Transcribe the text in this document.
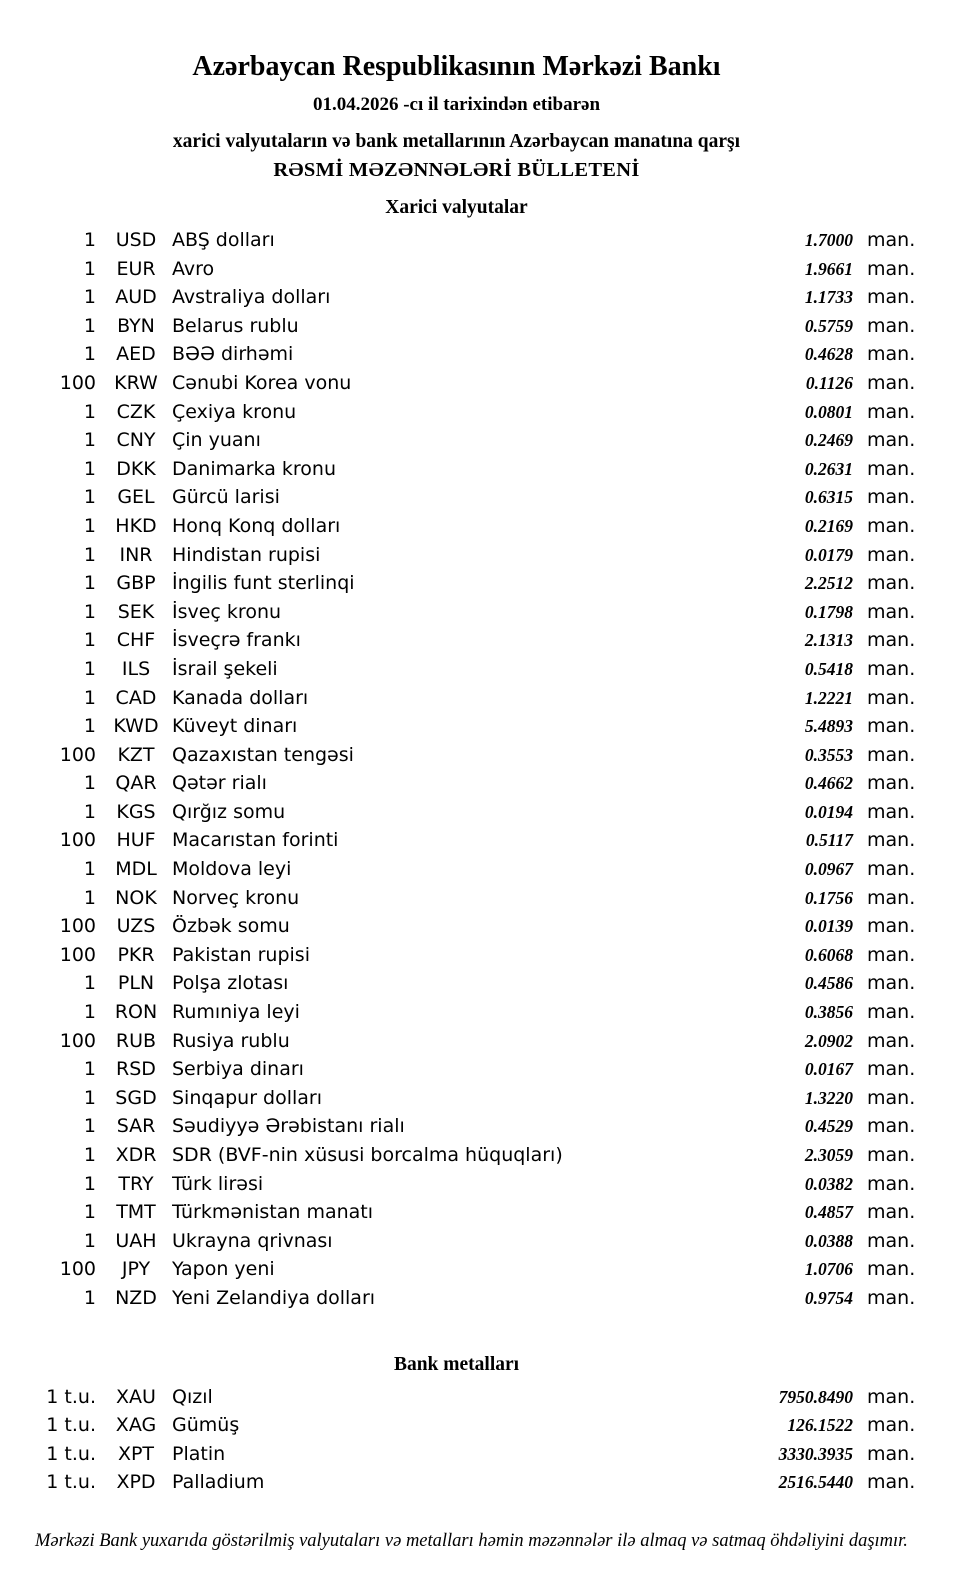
Azərbaycan Respublikasının Mərkəzi Bankı
01.04.2026 -cı il tarixindən etibarən
xarici valyutaların və bank metallarının Azərbaycan manatına qarşı
RƏSMİ MƏZƏNNƏLƏRİ BÜLLETENİ
Xarici valyutalar
1	USD ABŞ dolları	1.7000 man.
1	EUR Avro	1.9661 man.
1	AUD Avstraliya dolları	1.1733 man.
1	BYN Belarus rublu	0.5759 man.
1	AED BƏƏ dirhəmi	0.4628 man.
100 KRW Cənubi Korea vonu	0.1126 man.
1	CZK Çexiya kronu	0.0801 man.
1	CNY Çin yuanı	0.2469 man.
1	DKK Danimarka kronu	0.2631 man.
1	GEL Gürcü larisi	0.6315 man.
1	HKD Honq Konq dolları	0.2169 man.
1	INR	Hindistan rupisi	0.0179 man.
1	GBP İngilis funt sterlinqi	2.2512 man.
1	SEK İsveç kronu	0.1798 man.
1	CHF İsveçrə frankı	2.1313 man.
1	ILS	İsrail şekeli	0.5418 man.
1	CAD Kanada dolları	1.2221 man.
1 KWD Küveyt dinarı	5.4893 man.
100	KZT Qazaxıstan tengəsi	0.3553 man.
1	QAR Qətər rialı	0.4662 man.
1	KGS Qırğız somu	0.0194 man.
100	HUF Macarıstan forinti	0.5117 man.
1	MDL Moldova leyi	0.0967 man.
1	NOK Norveç kronu	0.1756 man.
100	UZS Özbək somu	0.0139 man.
100	PKR Pakistan rupisi	0.6068 man.
1	PLN Polşa zlotası	0.4586 man.
1 RON Rumıniya leyi	0.3856 man.
100	RUB Rusiya rublu	2.0902 man.
1	RSD Serbiya dinarı	0.0167 man.
1	SGD Sinqapur dolları	1.3220 man.
1	SAR Səudiyyə Ərəbistanı rialı	0.4529 man.
1	XDR SDR (BVF-nin xüsusi borcalma hüquqları)	2.3059 man.
1	TRY Türk lirəsi	0.0382 man.
1	TMT Türkmənistan manatı	0.4857 man.
1	UAH Ukrayna qrivnası	0.0388 man.
100	JPY	Yapon yeni	1.0706 man.
1	NZD Yeni Zelandiya dolları	0.9754 man.
Bank metalları
1 t.u.	XAU Qızıl	7950.8490 man.
1 t.u.	XAG Gümüş	126.1522 man.
1 t.u.	XPT Platin	3330.3935 man.
1 t.u.	XPD Palladium	2516.5440 man.
Mərkəzi Bank yuxarıda göstərilmiş valyutaları və metalları həmin məzənnələr ilə almaq və satmaq öhdəliyini daşımır.
